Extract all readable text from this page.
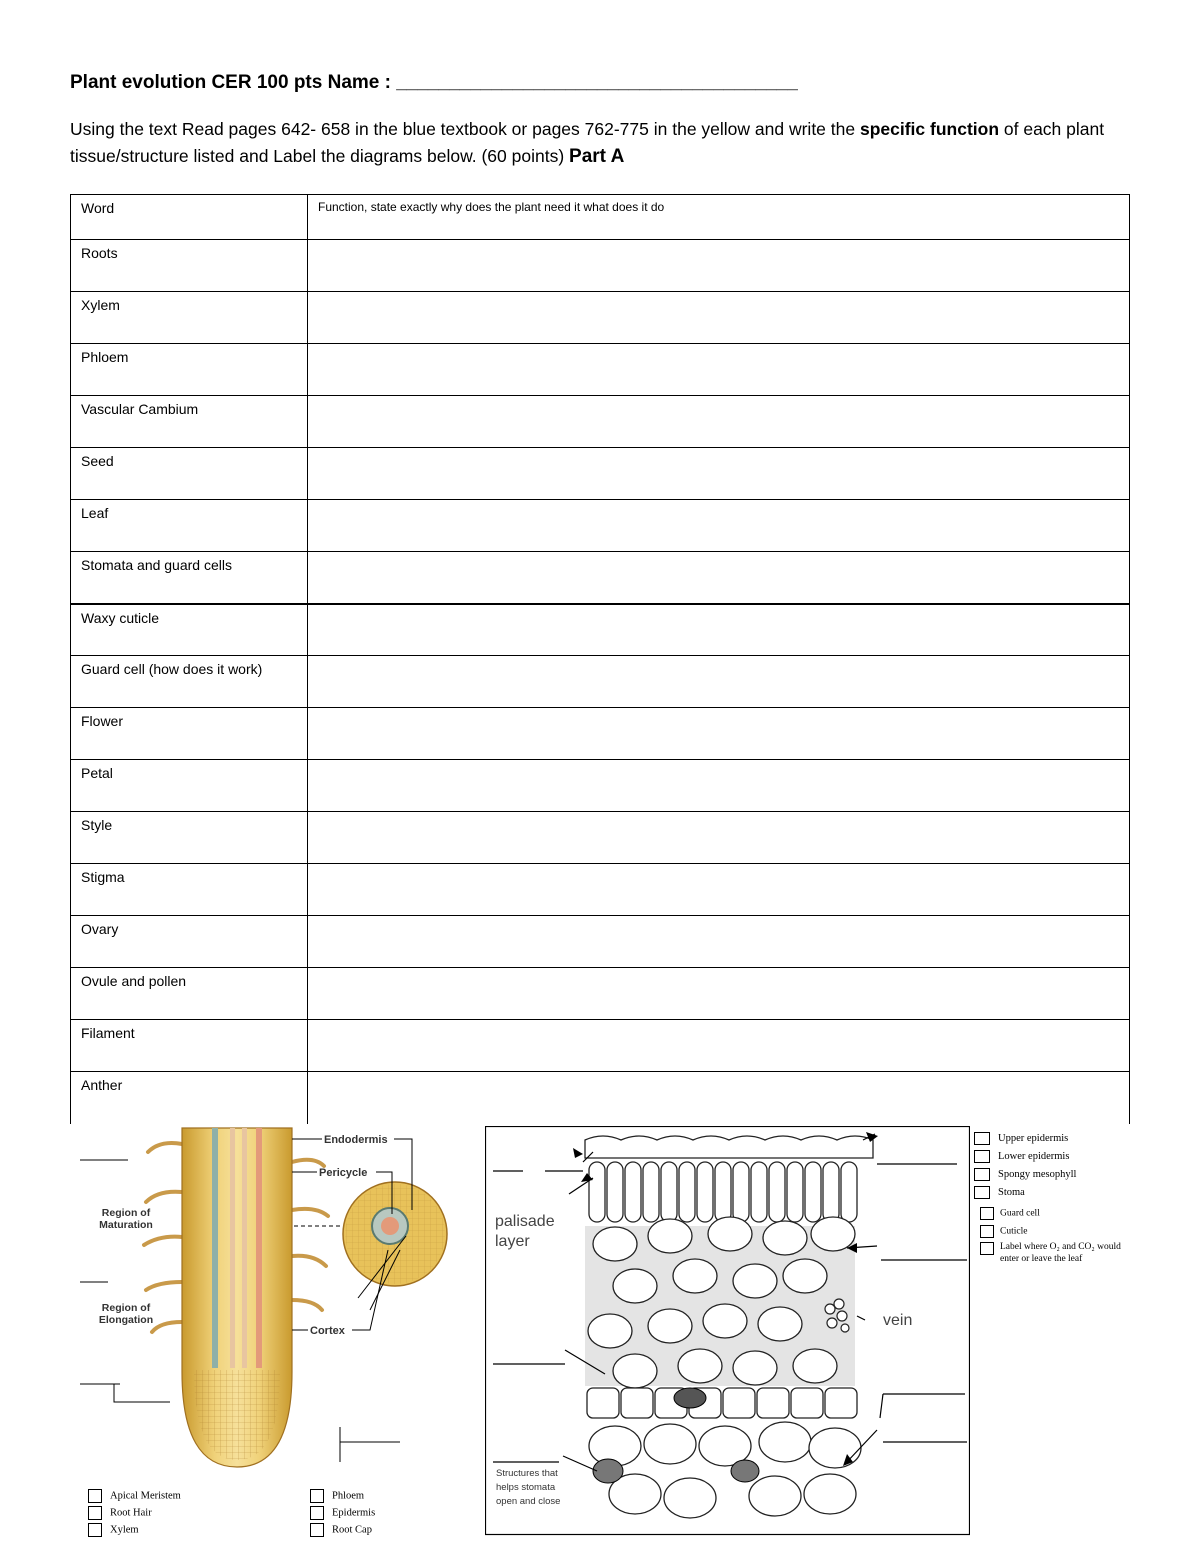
Plant evolution CER 100 pts Name : ______________________________________
Using the text Read pages 642- 658 in the blue textbook or pages 762-775 in the yellow and write the specific function of each plant tissue/structure listed and Label the diagrams below. (60 points) Part A
Word	Function, state exactly why does the plant need it what does it do
Roots	
Xylem	
Phloem	
Vascular Cambium	
Seed	
Leaf	
Stomata and guard cells	
Waxy cuticle	
Guard cell (how does it work)	
Flower	
Petal	
Style	
Stigma	
Ovary	
Ovule and pollen	
Filament	
Anther	
Endodermis
Pericycle
Cortex
Region of Maturation
Region of Elongation
Apical Meristem
Root Hair
Xylem
Phloem
Epidermis
Root Cap
vein
palisade layer
Structures that helps stomata open and close
Upper epidermis
Lower epidermis
Spongy mesophyll
Stoma
Guard cell
Cuticle
Label where O₂ and CO₂ would enter or leave the leaf
